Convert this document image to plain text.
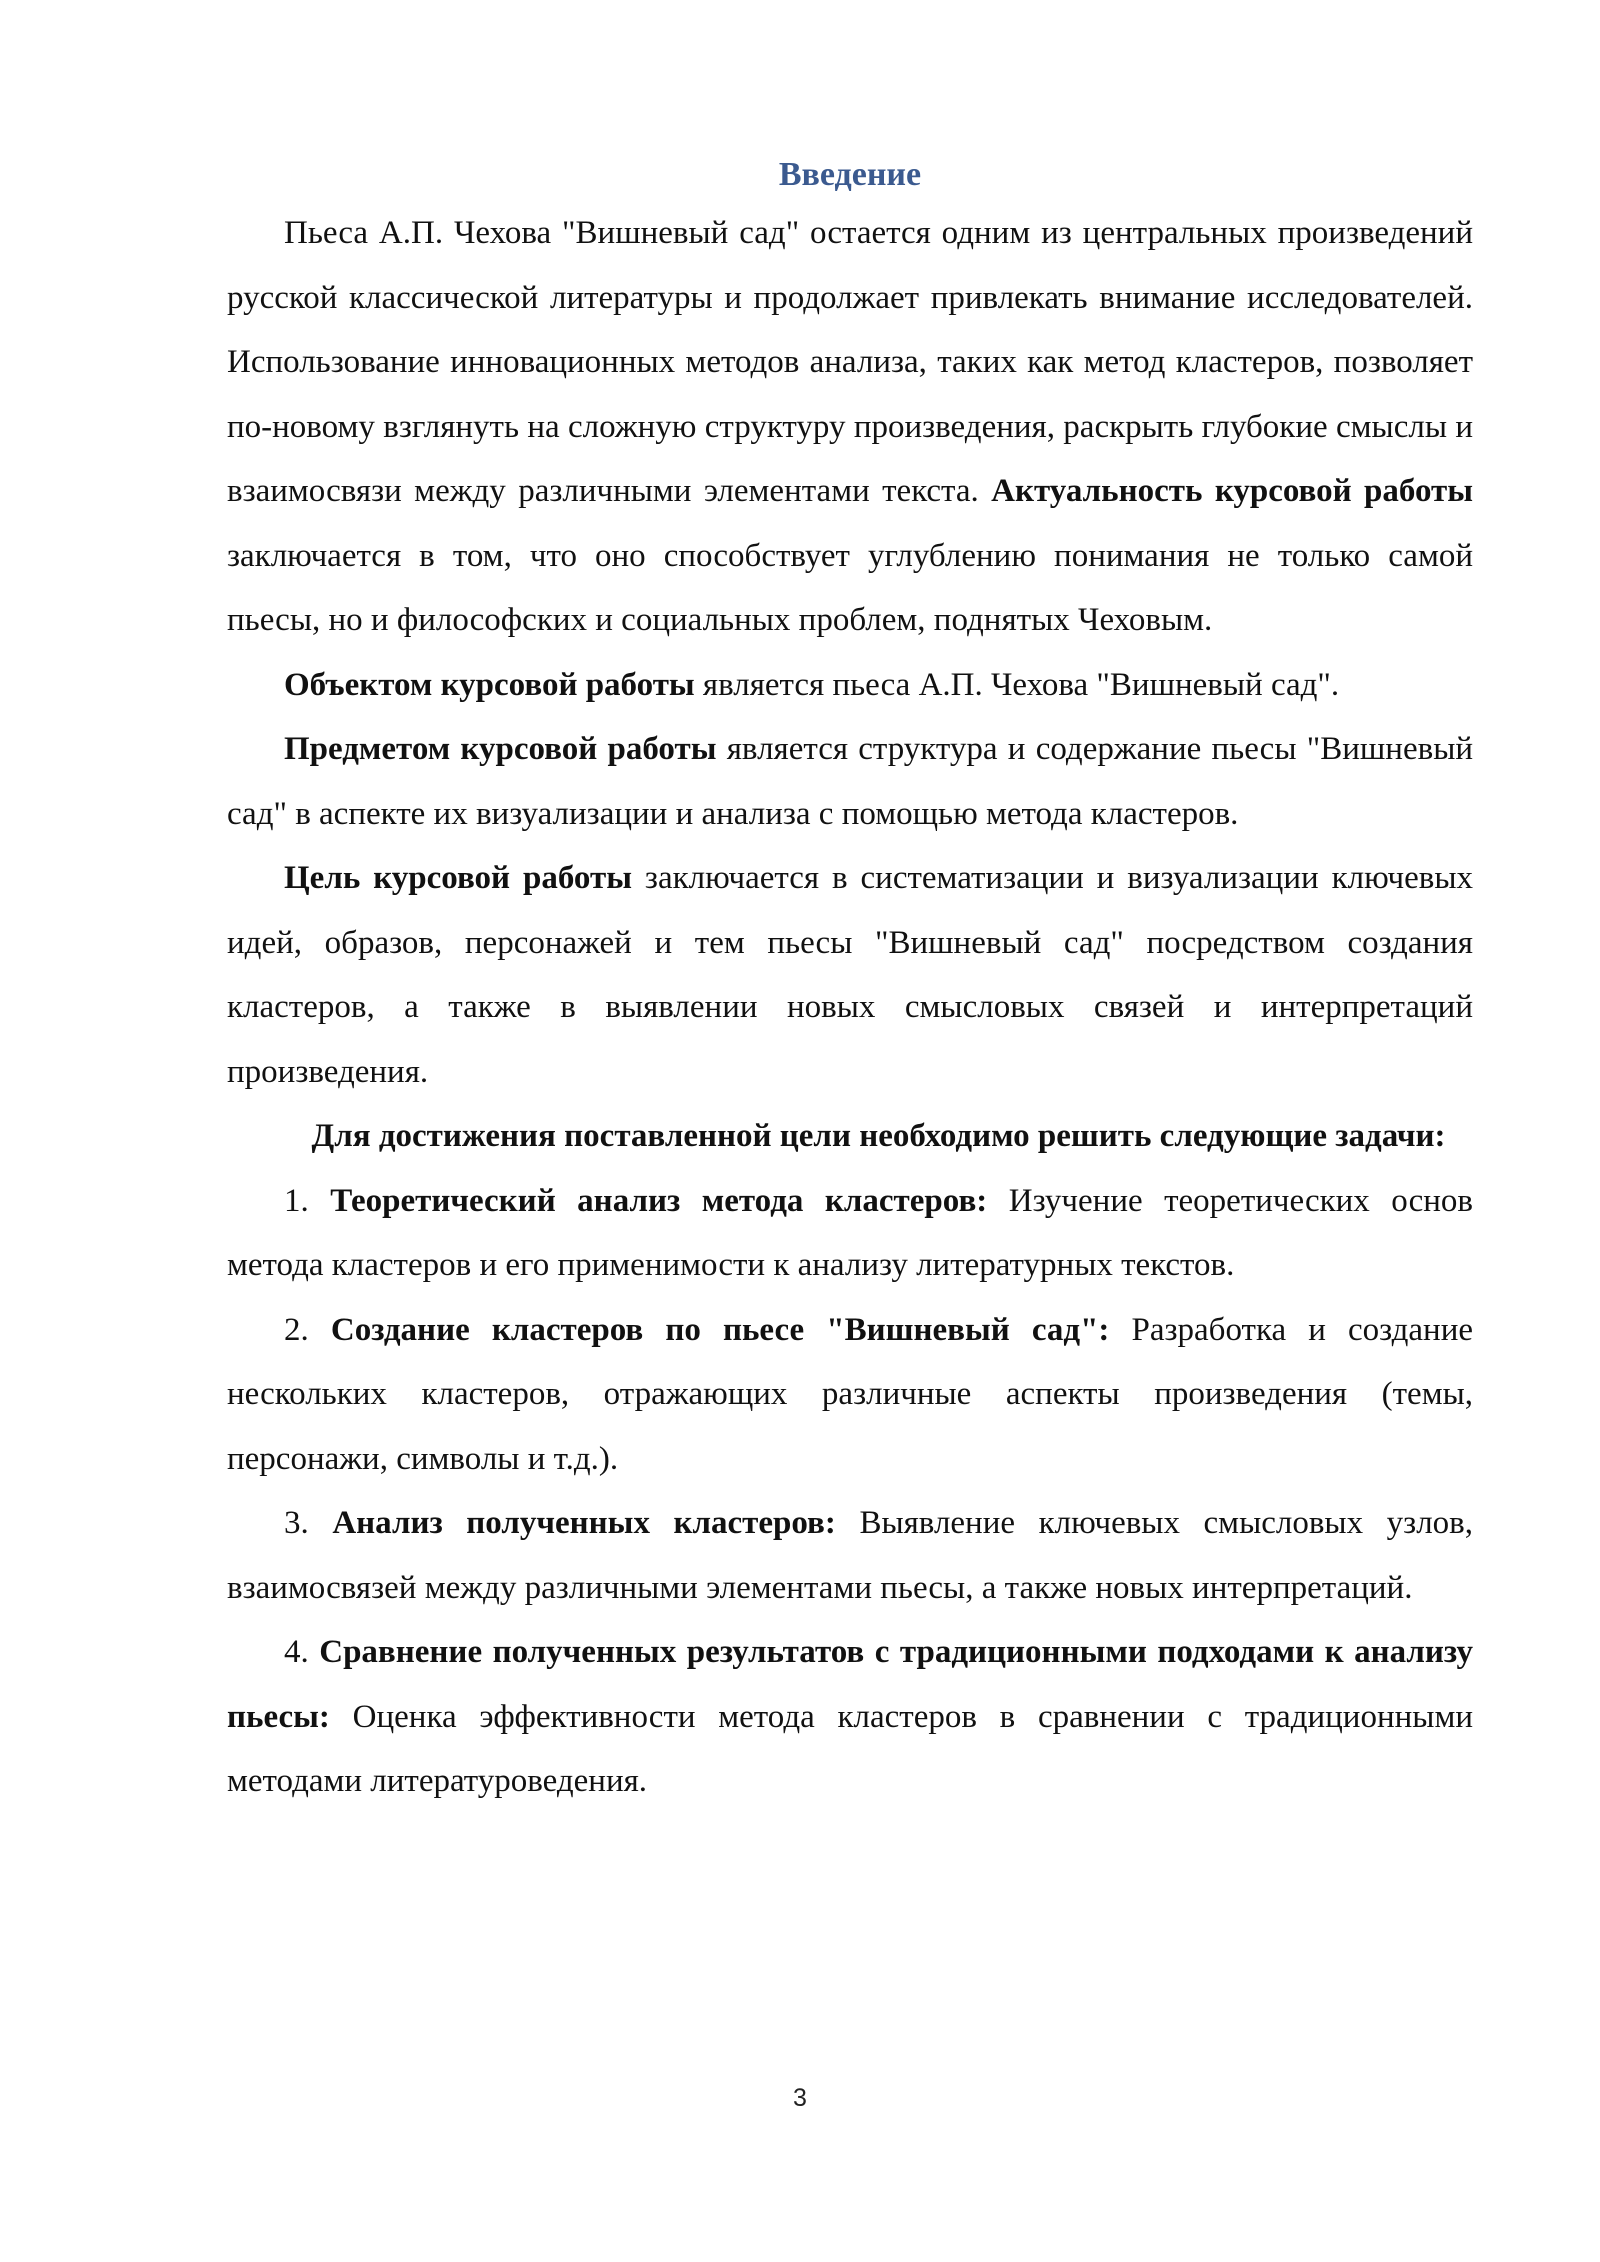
Введение

Пьеса А.П. Чехова "Вишневый сад" остается одним из центральных произведений русской классической литературы и продолжает привлекать внимание исследователей. Использование инновационных методов анализа, таких как метод кластеров, позволяет по-новому взглянуть на сложную структуру произведения, раскрыть глубокие смыслы и взаимосвязи между различными элементами текста. Актуальность курсовой работы заключается в том, что оно способствует углублению понимания не только самой пьесы, но и философских и социальных проблем, поднятых Чеховым.

Объектом курсовой работы является пьеса А.П. Чехова "Вишневый сад".

Предметом курсовой работы является структура и содержание пьесы "Вишневый сад" в аспекте их визуализации и анализа с помощью метода кластеров.

Цель курсовой работы заключается в систематизации и визуализации ключевых идей, образов, персонажей и тем пьесы "Вишневый сад" посредством создания кластеров, а также в выявлении новых смысловых связей и интерпретаций произведения.

Для достижения поставленной цели необходимо решить следующие задачи:

1. Теоретический анализ метода кластеров: Изучение теоретических основ метода кластеров и его применимости к анализу литературных текстов.

2. Создание кластеров по пьесе "Вишневый сад": Разработка и создание нескольких кластеров, отражающих различные аспекты произведения (темы, персонажи, символы и т.д.).

3. Анализ полученных кластеров: Выявление ключевых смысловых узлов, взаимосвязей между различными элементами пьесы, а также новых интерпретаций.

4. Сравнение полученных результатов с традиционными подходами к анализу пьесы: Оценка эффективности метода кластеров в сравнении с традиционными методами литературоведения.

3
